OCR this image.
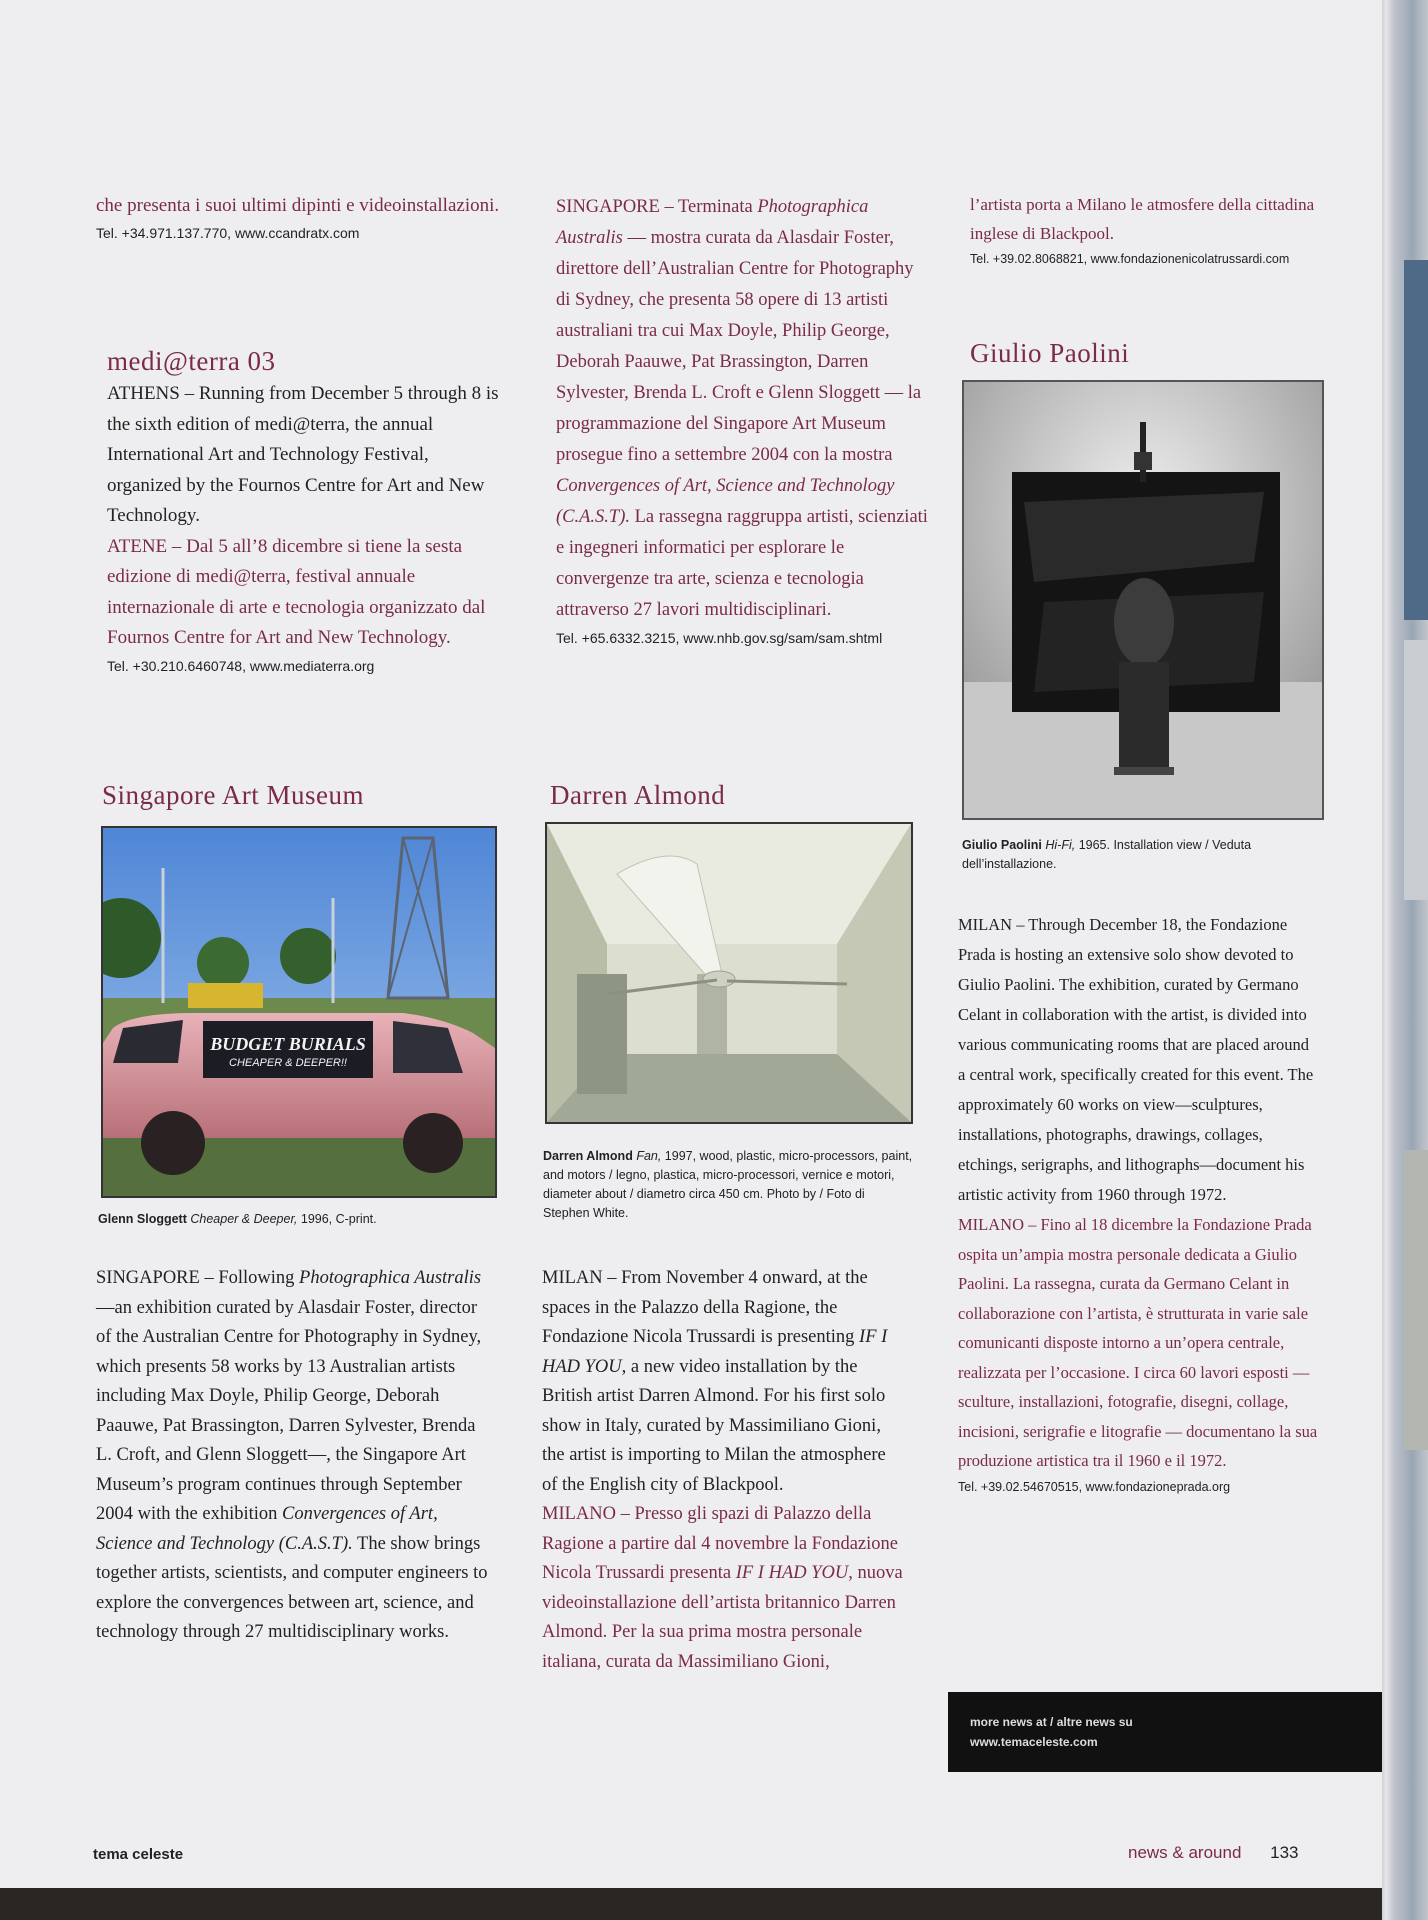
che presenta i suoi ultimi dipinti e videoinstallazioni.

Tel. +34.971.137.770, www.ccandratx.com

medi@terra 03

ATHENS – Running from December 5 through 8 is the sixth edition of medi@terra, the annual International Art and Technology Festival, organized by the Fournos Centre for Art and New Technology.

ATENE – Dal 5 all’8 dicembre si tiene la sesta edizione di medi@terra, festival annuale internazionale di arte e tecnologia organizzato dal Fournos Centre for Art and New Technology.

Tel. +30.210.6460748, www.mediaterra.org

Singapore Art Museum
BUDGET BURIALS
CHEAPER & DEEPER!!

Glenn Sloggett Cheaper & Deeper, 1996, C-print.

SINGAPORE – Following Photographica Australis—an exhibition curated by Alasdair Foster, director of the Australian Centre for Photography in Sydney, which presents 58 works by 13 Australian artists including Max Doyle, Philip George, Deborah Paauwe, Pat Brassington, Darren Sylvester, Brenda L. Croft, and Glenn Sloggett—, the Singapore Art Museum’s program continues through September 2004 with the exhibition Convergences of Art, Science and Technology (C.A.S.T). The show brings together artists, scientists, and computer engineers to explore the convergences between art, science, and technology through 27 multidisciplinary works.

SINGAPORE – Terminata Photographica Australis — mostra curata da Alasdair Foster, direttore dell’Australian Centre for Photography di Sydney, che presenta 58 opere di 13 artisti australiani tra cui Max Doyle, Philip George, Deborah Paauwe, Pat Brassington, Darren Sylvester, Brenda L. Croft e Glenn Sloggett — la programmazione del Singapore Art Museum prosegue fino a settembre 2004 con la mostra Convergences of Art, Science and Technology (C.A.S.T). La rassegna raggruppa artisti, scienziati e ingegneri informatici per esplorare le convergenze tra arte, scienza e tecnologia attraverso 27 lavori multidisciplinari.

Tel. +65.6332.3215, www.nhb.gov.sg/sam/sam.shtml

Darren Almond

Darren Almond Fan, 1997, wood, plastic, micro-processors, paint, and motors / legno, plastica, micro-processori, vernice e motori, diameter about / diametro circa 450 cm. Photo by / Foto di Stephen White.

MILAN – From November 4 onward, at the spaces in the Palazzo della Ragione, the Fondazione Nicola Trussardi is presenting IF I HAD YOU, a new video installation by the British artist Darren Almond. For his first solo show in Italy, curated by Massimiliano Gioni, the artist is importing to Milan the atmosphere of the English city of Blackpool.

MILANO – Presso gli spazi di Palazzo della Ragione a partire dal 4 novembre la Fondazione Nicola Trussardi presenta IF I HAD YOU, nuova videoinstallazione dell’artista britannico Darren Almond. Per la sua prima mostra personale italiana, curata da Massimiliano Gioni,

l’artista porta a Milano le atmosfere della cittadina inglese di Blackpool.

Tel. +39.02.8068821, www.fondazionenicolatrussardi.com

Giulio Paolini

Giulio Paolini Hi-Fi, 1965. Installation view / Veduta dell’installazione.

MILAN – Through December 18, the Fondazione Prada is hosting an extensive solo show devoted to Giulio Paolini. The exhibition, curated by Germano Celant in collaboration with the artist, is divided into various communicating rooms that are placed around a central work, specifically created for this event. The approximately 60 works on view—sculptures, installations, photographs, drawings, collages, etchings, serigraphs, and lithographs—document his artistic activity from 1960 through 1972.

MILANO – Fino al 18 dicembre la Fondazione Prada ospita un’ampia mostra personale dedicata a Giulio Paolini. La rassegna, curata da Germano Celant in collaborazione con l’artista, è strutturata in varie sale comunicanti disposte intorno a un’opera centrale, realizzata per l’occasione. I circa 60 lavori esposti — sculture, installazioni, fotografie, disegni, collage, incisioni, serigrafie e litografie — documentano la sua produzione artistica tra il 1960 e il 1972.

Tel. +39.02.54670515, www.fondazioneprada.org

more news at / altre news su
www.temaceleste.com
tema celeste	news & around 133
